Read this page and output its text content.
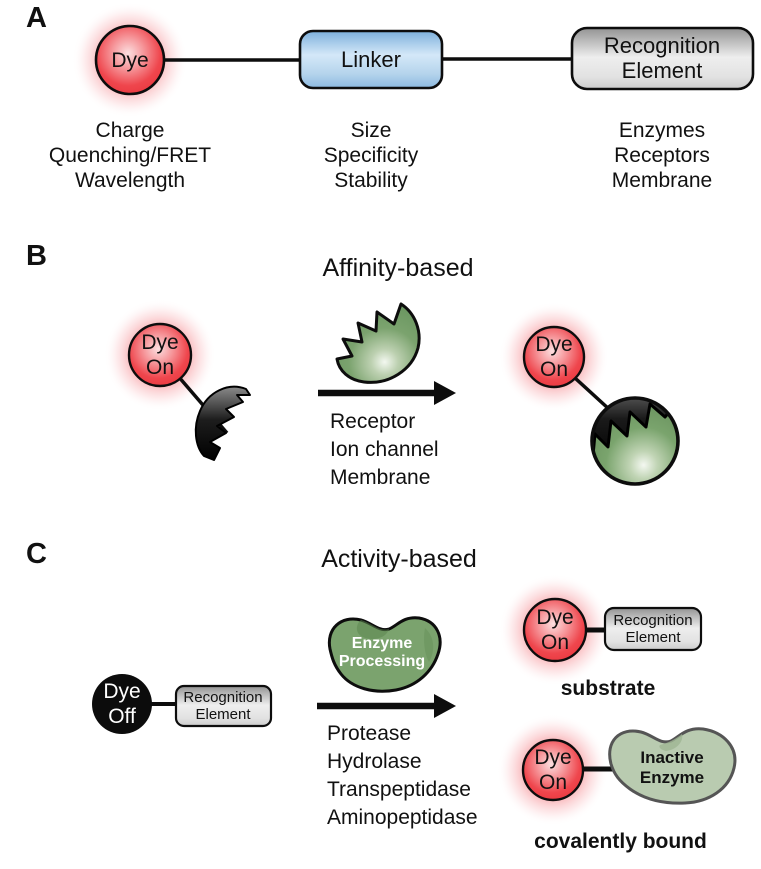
A
Dye	Linker
Recognition
Element
Charge
Quenching/FRET
Wavelength
Size
Specificity
Stability
Enzymes
Receptors
Membrane
B	Affinity-based
Dye
On
Receptor
Ion channel
Membrane
Dye
On
C	Activity-based
Dye
Off
Recognition
Element
Enzyme
Processing
Protease
Hydrolase
Transpeptidase
Aminopeptidase
Dye
On
Recognition
Element
substrate
Dye
On
Inactive
Enzyme
covalently bound
